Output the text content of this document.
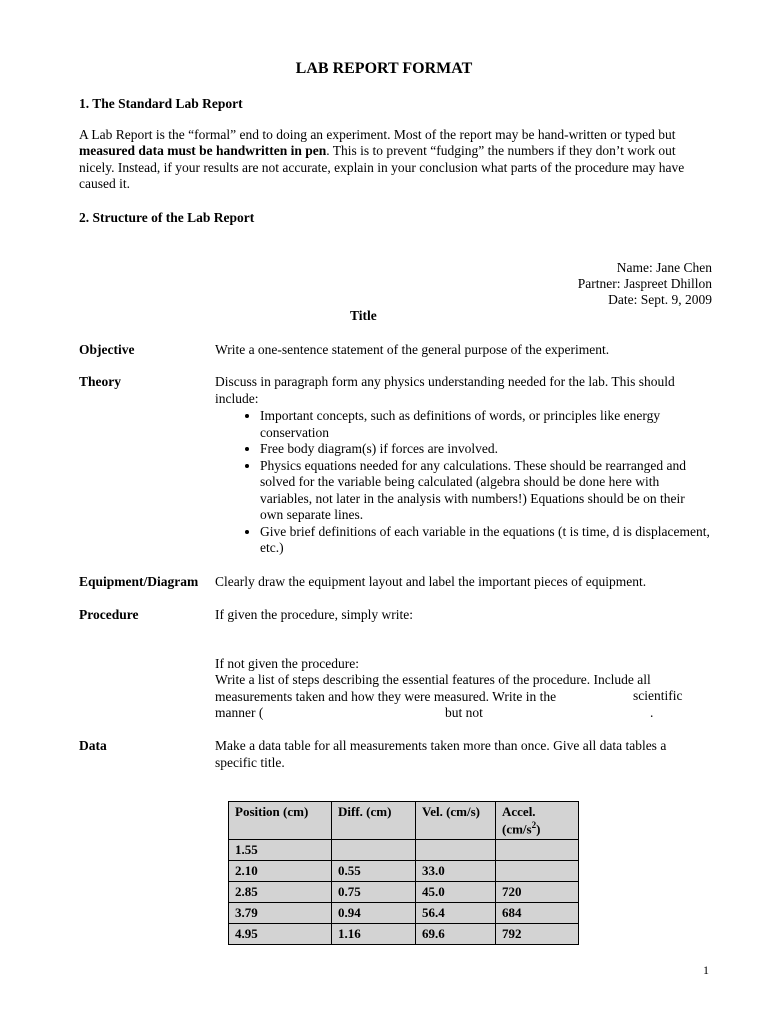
LAB REPORT FORMAT
1. The Standard Lab Report
A Lab Report is the “formal” end to doing an experiment. Most of the report may be hand-written or typed but measured data must be handwritten in pen. This is to prevent “fudging” the numbers if they don’t work out nicely. Instead, if your results are not accurate, explain in your conclusion what parts of the procedure may have caused it.
2. Structure of the Lab Report
Name: Jane Chen
Partner: Jaspreet Dhillon
Date: Sept. 9, 2009
Title
Objective	Write a one-sentence statement of the general purpose of the experiment.
Theory	Discuss in paragraph form any physics understanding needed for the lab. This should include:
• Important concepts, such as definitions of words, or principles like energy conservation
• Free body diagram(s) if forces are involved.
• Physics equations needed for any calculations. These should be rearranged and solved for the variable being calculated (algebra should be done here with variables, not later in the analysis with numbers!) Equations should be on their own separate lines.
• Give brief definitions of each variable in the equations (t is time, d is displacement, etc.)
Equipment/Diagram Clearly draw the equipment layout and label the important pieces of equipment.
Procedure	If given the procedure, simply write:
If not given the procedure:
Write a list of steps describing the essential features of the procedure. Include all measurements taken and how they were measured. Write in the	scientific
manner (	but not	.
Data	Make a data table for all measurements taken more than once. Give all data tables a specific title.
Position (cm)	Diff. (cm)	Vel. (cm/s)	Accel.
$(cm/s^2)$

1.55			
2.10	0.55	33.0	
2.85	0.75	45.0	720
3.79	0.94	56.4	684
4.95	1.16	69.6	792
1
